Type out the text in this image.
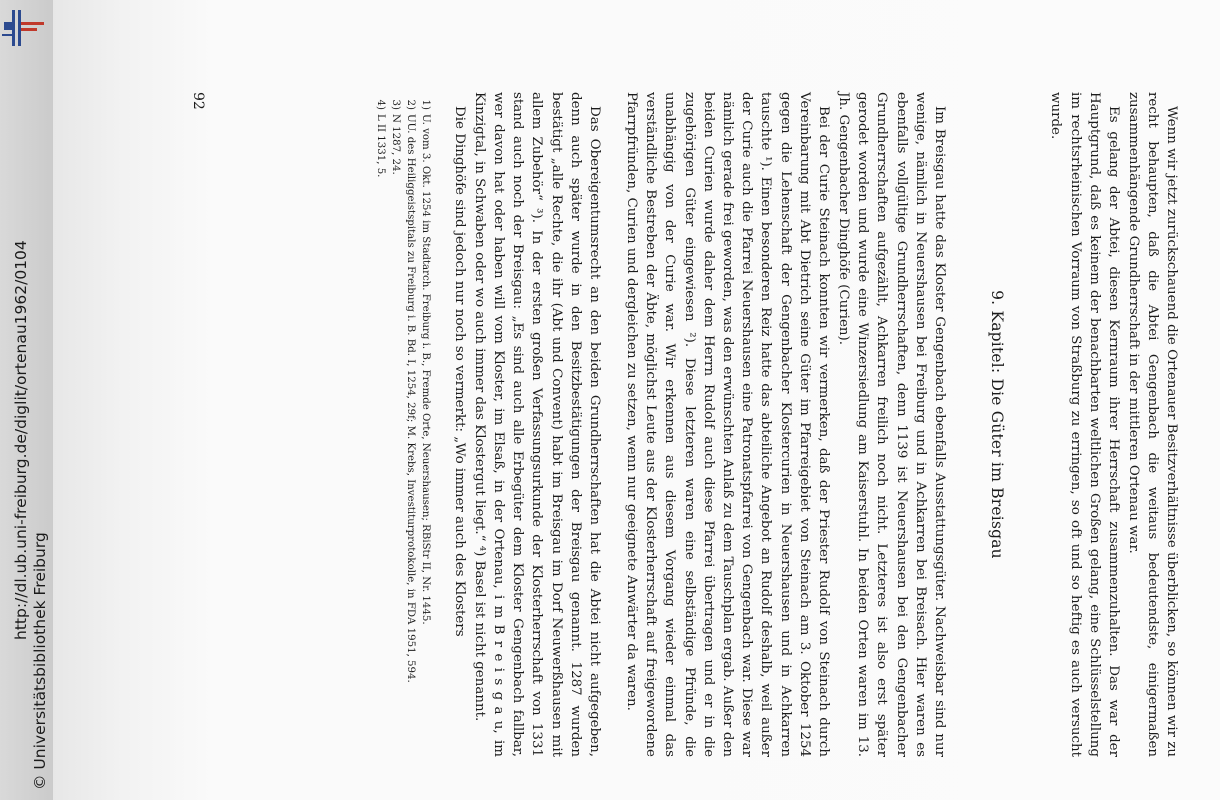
http://dl.ub.uni-freiburg.de/diglit/ortenau1962/0104
© Universitätsbibliothek Freiburg	Wenn wir jetzt zurückschauend die Ortenauer Besitzverhältnisse überblicken, so können wir zu recht behaupten, daß die Abtei Gengenbach die weitaus bedeutendste, einigermaßen zusammenhängende Grundherrschaft in der mittleren Ortenau war.

Es gelang der Abtei, diesen Kernraum ihrer Herrschaft zusammenzuhalten. Das war der Hauptgrund, daß es keinem der benachbarten weltlichen Großen gelang, eine Schlüsselstellung im rechtsrheinischen Vorraum von Straßburg zu erringen, so oft und so heftig es auch versucht wurde.

9. Kapitel: Die Güter im Breisgau

Im Breisgau hatte das Kloster Gengenbach ebenfalls Ausstattungsgüter. Nachweisbar sind nur wenige, nämlich in Neuershausen bei Freiburg und in Achkarren bei Breisach. Hier waren es ebenfalls vollgültige Grundherrschaften, denn 1139 ist Neuershausen bei den Gengenbacher Grundherrschaften aufgezählt, Achkarren freilich noch nicht. Letzteres ist also erst später gerodet worden und wurde eine Winzersiedlung am Kaiserstuhl. In beiden Orten waren im 13. Jh. Gengenbacher Dinghöfe (Curien).

Bei der Curie Steinach konnten wir vermerken, daß der Priester Rudolf von Steinach durch Vereinbarung mit Abt Dietrich seine Güter im Pfarreigebiet von Steinach am 3. Oktober 1254 gegen die Lehenschaft der Gengenbacher Klostercurien in Neuershausen und in Achkarren tauschte ¹). Einen besonderen Reiz hatte das abteiliche Angebot an Rudolf deshalb, weil außer der Curie auch die Pfarrei Neuershausen eine Patronatspfarrei von Gengenbach war. Diese war nämlich gerade frei geworden, was den erwünschten Anlaß zu dem Tauschplan ergab. Außer den beiden Curien wurde daher dem Herrn Rudolf auch diese Pfarrei übertragen und er in die zugehörigen Güter eingewiesen ²). Diese letzteren waren eine selbständige Pfründe, die unabhängig von der Curie war. Wir erkennen aus diesem Vorgang wieder einmal das verständliche Bestreben der Äbte, möglichst Leute aus der Klosterherrschaft auf freigewordene Pfarrpfründen, Curien und dergleichen zu setzen, wenn nur geeignete Anwärter da waren.

Das Obereigentumsrecht an den beiden Grundherrschaften hat die Abtei nicht aufgegeben, denn auch später wurde in den Besitzbestätigungen der Breisgau genannt. 1287 wurden bestätigt „alle Rechte, die ihr (Abt und Convent) habt im Breisgau im Dorf Neuwerßhausen mit allem Zubehör“ ³). In der ersten großen Verfassungsurkunde der Klosterherrschaft von 1331 stand auch noch der Breisgau: „Es sind auch alle Erbegüter dem Kloster Gengenbach fallbar, wer davon hat oder haben will vom Kloster, im Elsaß, in der Ortenau, i m B r e i s g a u, im Kinzigtal, in Schwaben oder wo auch immer das Klostergut liegt.“ ⁴) Basel ist nicht genannt.

Die Dinghöfe sind jedoch nur noch so vermerkt: „Wo immer auch des Klosters

1)U. vom 3. Okt. 1254 im Stadtarch. Freiburg i. B., Fremde Orte, Neuershausen; RBiStr II, Nr. 1445.
2)UU. des Heiliggeistspitals zu Freiburg i. B. Bd. I, 1254, 29f; M. Krebs, Investiturprotokolle, in FDA 1951, 594.
3)N 1287, 24.
4)L II 1331, 5.
92
